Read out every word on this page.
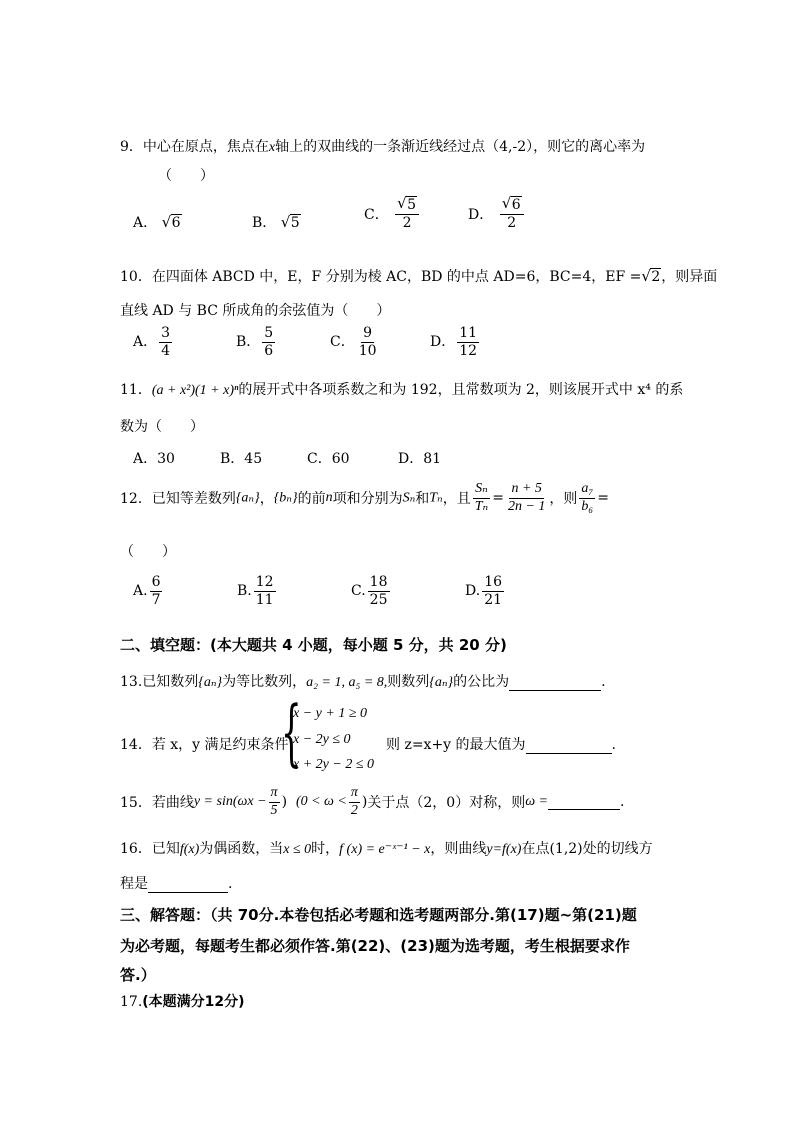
9．中心在原点，焦点在x轴上的双曲线的一条渐近线经过点（4,-2），则它的离心率为
（　　）
A． √ 6	B． √ 5	C． $\frac{√ 5}{2}$	D． $\frac{√ 6}{2}$
10．在四面体 ABCD 中，E，F 分别为棱 AC，BD 的中点 AD=6，BC=4，EF = √ 2，则异面
直线 AD 与 BC 所成角的余弦值为（　　）
A． $\frac{3}{4}$	B． $\frac{5}{6}$	C． $\frac{9}{10}$	D． $\frac{11}{12}$
11．(a + x²)(1 + x)ⁿ的展开式中各项系数之和为 192，且常数项为 2，则该展开式中 x⁴ 的系
数为（　　）
A．30	B．45	C．60	D．81
12．已知等差数列{aₙ}，{bₙ}的前n项和分别为Sₙ和Tₙ，且 $\frac{\text{Sₙ}}{\text{Tₙ}} = \frac{n + 5}{2n - 1}$ ，则 $\frac{\text{a₇}}{\text{b₆}}$ =
（　　）
A. $\frac{6}{7}$	B. $\frac{12}{11}$	C. $\frac{18}{25}$	D. $\frac{16}{21}$
二、填空题：(本大题共 4 小题，每小题 5 分，共 20 分)
13.已知数列{aₙ}为等比数列，a₂ = 1, a₅ = 8,则数列{aₙ}的公比为	.
14．若 x，y 满足约束条件
{
x − y + 1 ≥ 0
x − 2y ≤ 0
x + 2y − 2 ≤ 0
则 z=x+y 的最大值为	.
15．若曲线$y = \sin(\omega x - \frac{\pi}{5}$ ) ($0 < \omega < \frac{\pi}{2}$ )关于点（2，0）对称，则ω =	.
16．已知f(x)为偶函数，当x ≤ 0时，f (x) = e⁻ˣ⁻¹ − x，则曲线y=f(x)在点(1,2)处的切线方
程是	.
三、解答题：（共 70分.本卷包括必考题和选考题两部分.第(17)题~第(21)题
为必考题，每题考生都必须作答.第(22)、(23)题为选考题，考生根据要求作
答.）
17.(本题满分12分)
